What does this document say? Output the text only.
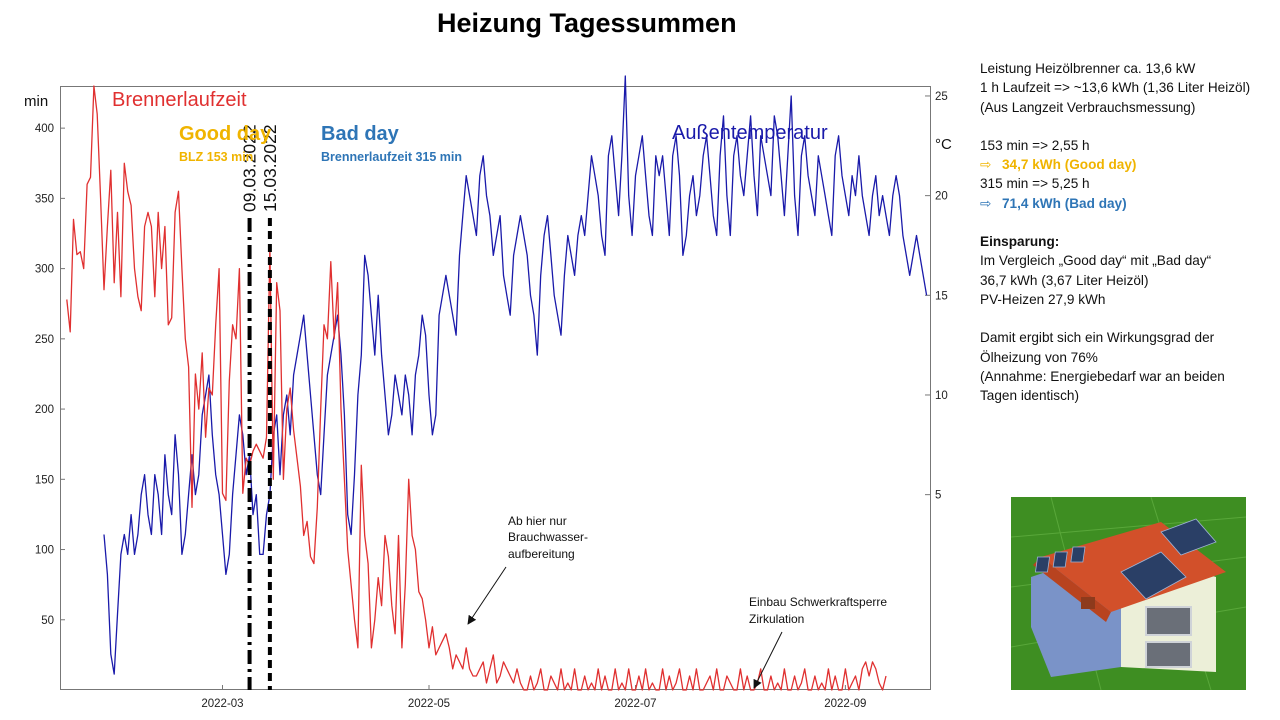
Heizung Tagessummen
50
100
150
200
250
300
350
400
5
10
15
20
25
2022-03	2022-05	2022-07	2022-09
min
°C
09.03.2022 15.03.2022
Brennerlaufzeit
Außentemperatur
Good day
BLZ 153 min
Bad day
Brennerlaufzeit 315 min
Ab hier nur
Brauchwasser-
aufbereitung
Einbau Schwerkraftsperre
Zirkulation

Leistung Heizölbrenner ca. 13,6 kW

1 h Laufzeit => ~13,6 kWh (1,36 Liter Heizöl)

(Aus Langzeit Verbrauchsmessung)

153 min => 2,55 h

⇨ 34,7 kWh (Good day)

315 min => 5,25 h

⇨ 71,4 kWh (Bad day)

Einsparung:

Im Vergleich „Good day“ mit „Bad day“

36,7 kWh (3,67 Liter Heizöl)

PV-Heizen 27,9 kWh

Damit ergibt sich ein Wirkungsgrad der

Ölheizung von 76%

(Annahme: Energiebedarf war an beiden

Tagen identisch)
